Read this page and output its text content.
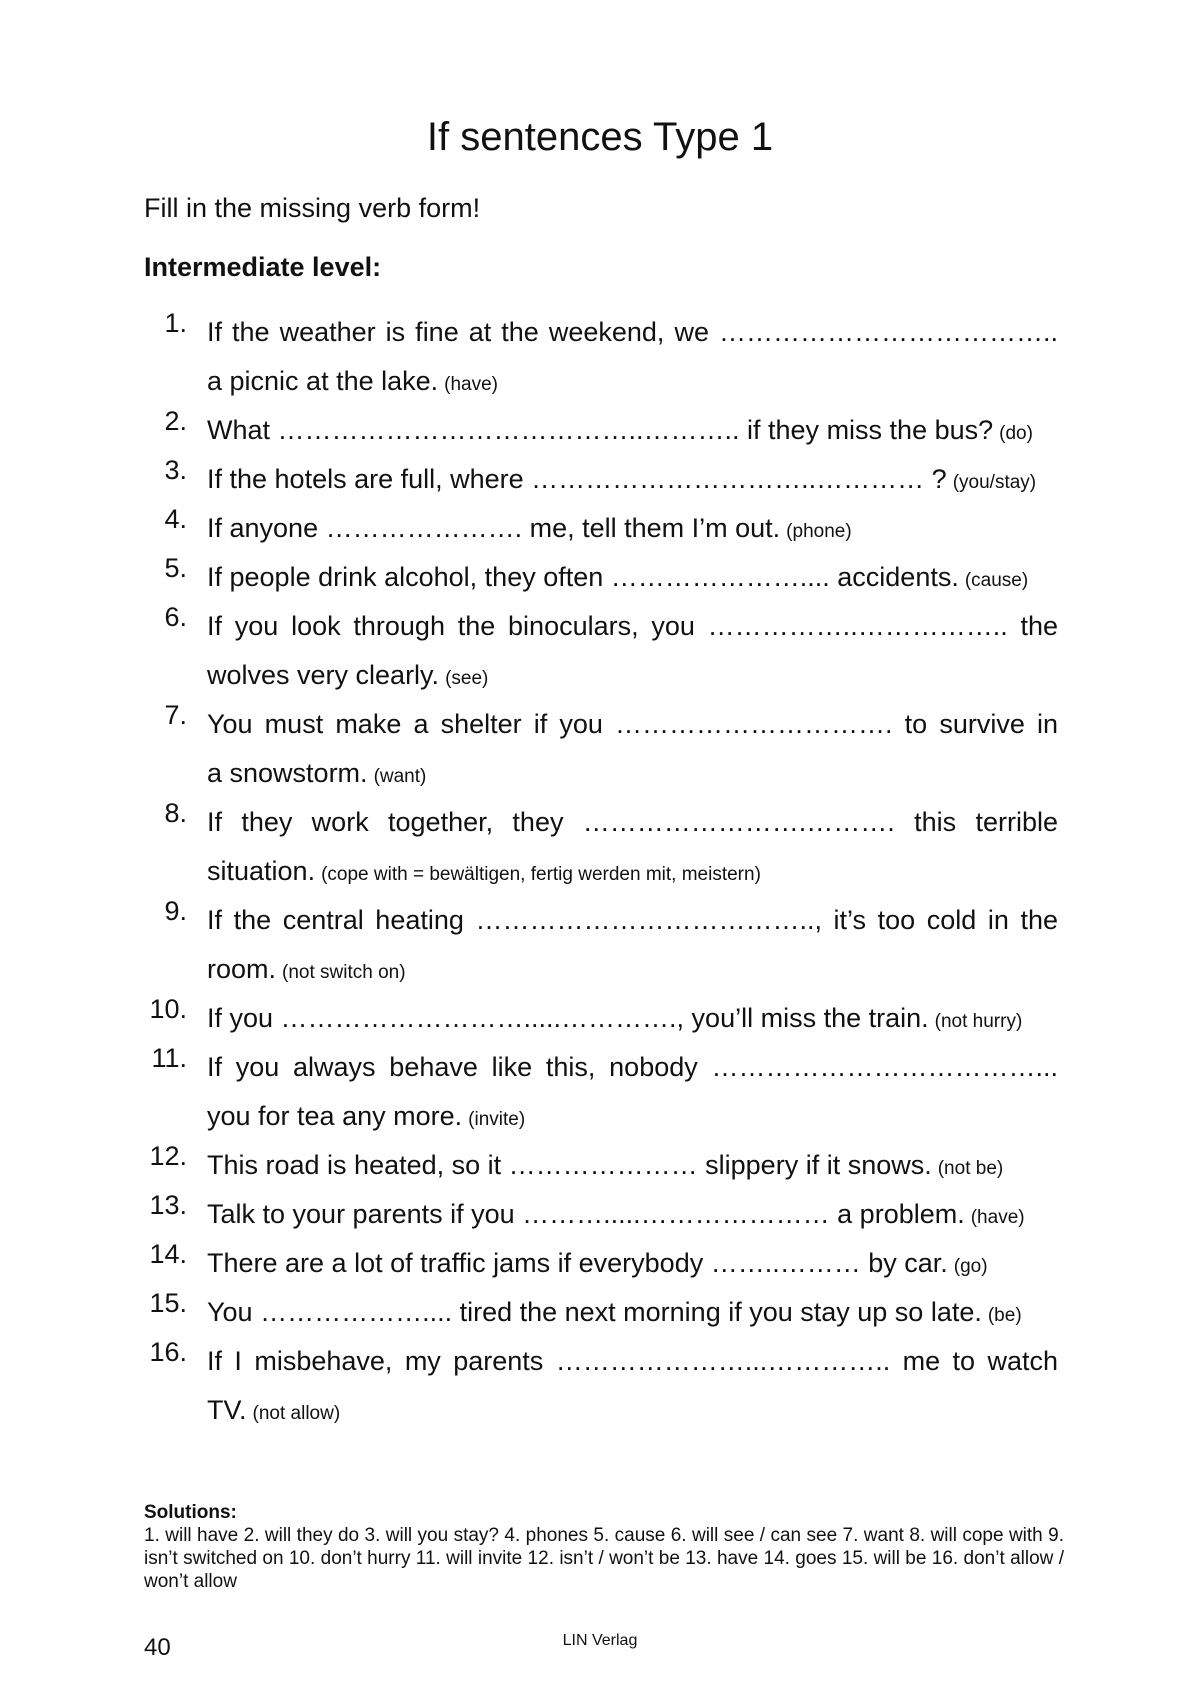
If sentences Type 1
Fill in the missing verb form!
Intermediate level:
1. If the weather is fine at the weekend, we ………………………………..
a picnic at the lake. (have)
2. What …………………………………..……….. if they miss the bus? (do)
3. If the hotels are full, where …………………………..………… ? (you/stay)
4. If anyone …………………. me, tell them I’m out. (phone)
5. If people drink alcohol, they often ………………….... accidents. (cause)
6. If you look through the binoculars, you ……………..…………….. the
wolves very clearly. (see)
7. You must make a shelter if you …………………………. to survive in
a snowstorm. (want)
8. If they work together, they …………………….………. this terrible
situation. (cope with = bewältigen, fertig werden mit, meistern)
9. If the central heating ……………………………….., it’s too cold in the
room. (not switch on)
10. If you ……………………….....…………., you’ll miss the train. (not hurry)
11. If you always behave like this, nobody ………………………………...
you for tea any more. (invite)
12. This road is heated, so it ………………… slippery if it snows. (not be)
13. Talk to your parents if you ……….....………………… a problem. (have)
14. There are a lot of traffic jams if everybody ……..……… by car. (go)
15. You ……………….... tired the next morning if you stay up so late. (be)
16. If I misbehave, my parents …………………...………….. me to watch
TV. (not allow)
Solutions:
1. will have 2. will they do 3. will you stay? 4. phones 5. cause 6. will see / can see 7. want 8. will cope with 9. isn’t switched on 10. don’t hurry 11. will invite 12. isn’t / won’t be 13. have 14. goes 15. will be 16. don’t allow / won’t allow
40	LIN Verlag
